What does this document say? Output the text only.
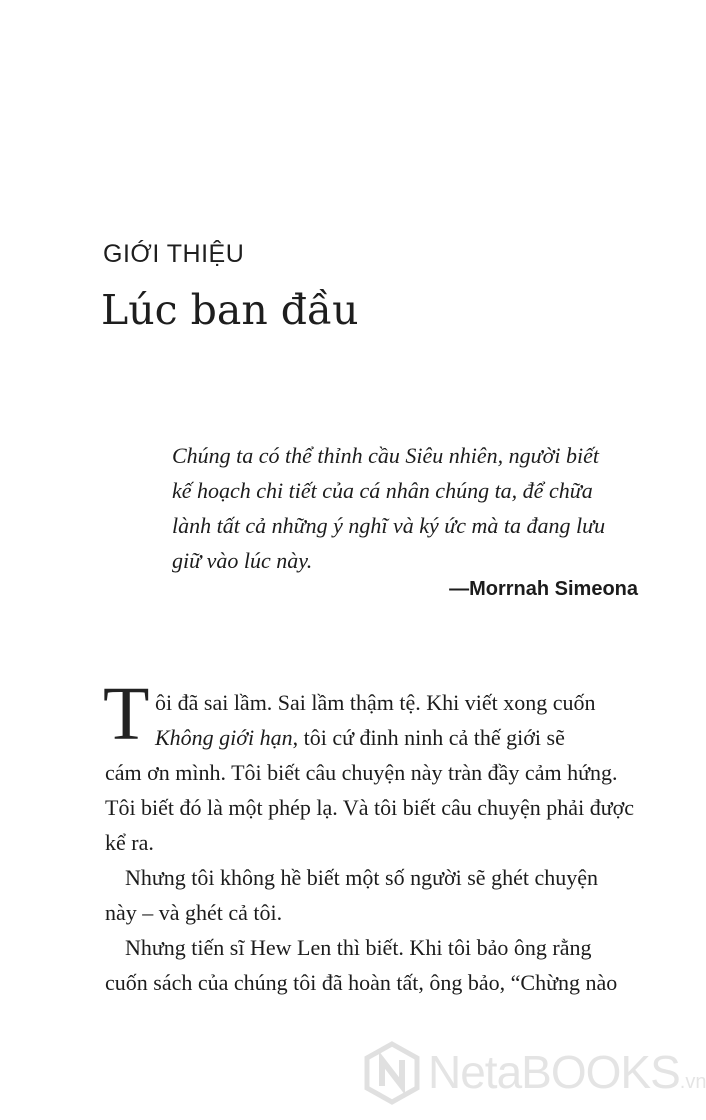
GIỚI THIỆU
Lúc ban đầu
Chúng ta có thể thỉnh cầu Siêu nhiên, người biết
kế hoạch chi tiết của cá nhân chúng ta, để chữa
lành tất cả những ý nghĩ và ký ức mà ta đang lưu
giữ vào lúc này.
—Morrnah Simeona
T ôi đã sai lầm. Sai lầm thậm tệ. Khi viết xong cuốn
Không giới hạn, tôi cứ đinh ninh cả thế giới sẽ
cám ơn mình. Tôi biết câu chuyện này tràn đầy cảm hứng.
Tôi biết đó là một phép lạ. Và tôi biết câu chuyện phải được
kể ra.
Nhưng tôi không hề biết một số người sẽ ghét chuyện
này – và ghét cả tôi.
Nhưng tiến sĩ Hew Len thì biết. Khi tôi bảo ông rằng
cuốn sách của chúng tôi đã hoàn tất, ông bảo, “Chừng nào
NetaBOOKS.vn
